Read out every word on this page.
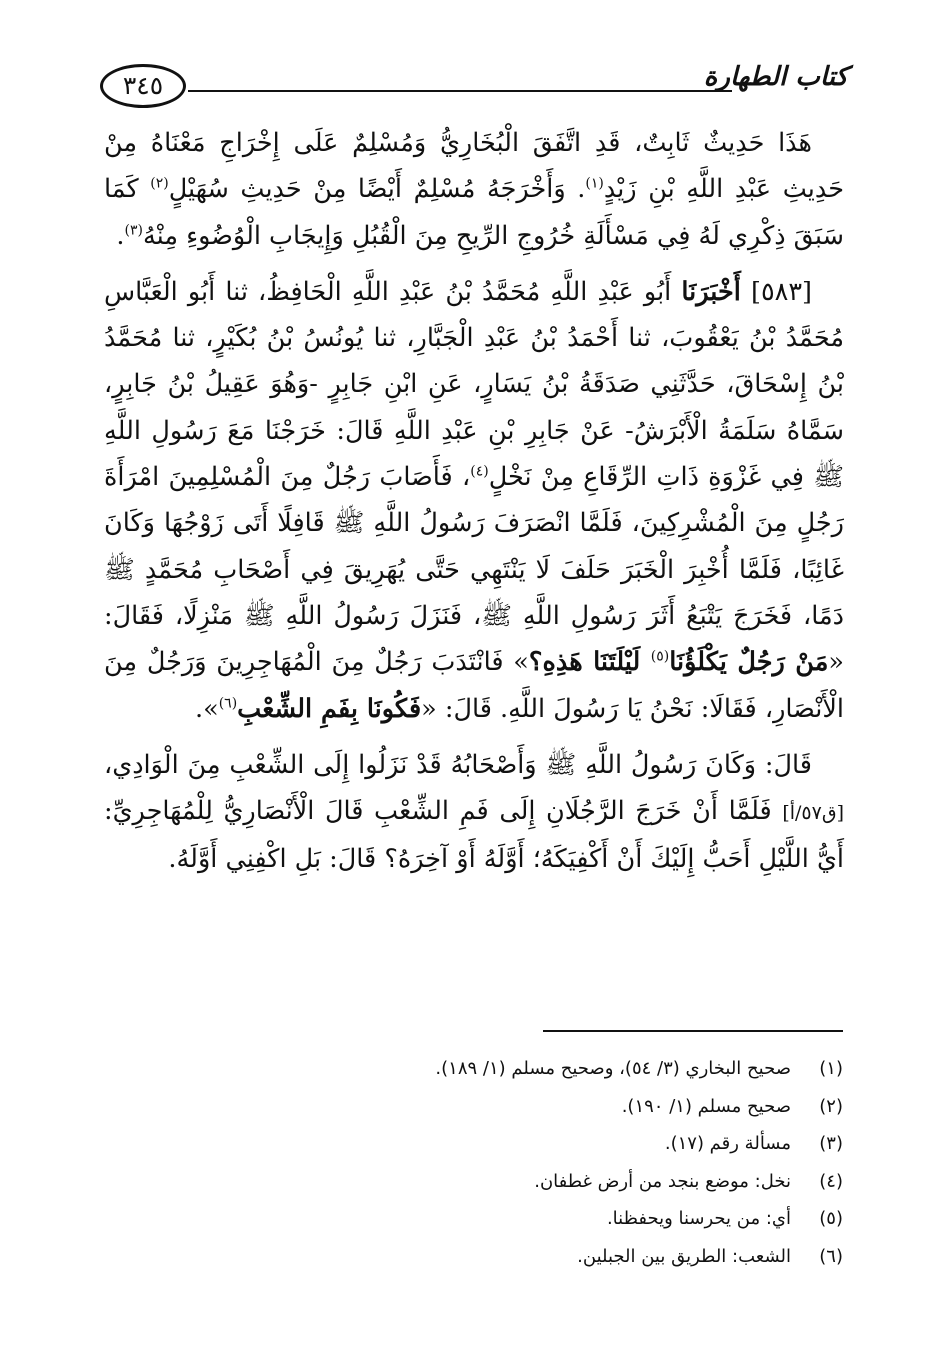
٣٤٥	كتاب الطهارة

هَذَا حَدِيثٌ ثَابِتٌ، قَدِ اتَّفَقَ الْبُخَارِيُّ وَمُسْلِمٌ عَلَى إِخْرَاجِ مَعْنَاهُ مِنْ حَدِيثِ عَبْدِ اللَّهِ بْنِ زَيْدٍ$^{(١)}$. وَأَخْرَجَهُ مُسْلِمٌ أَيْضًا مِنْ حَدِيثِ سُهَيْلٍ$^{(٢)}$ كَمَا سَبَقَ ذِكْرِي لَهُ فِي مَسْأَلَةِ خُرُوجِ الرِّيحِ مِنَ الْقُبُلِ وَإِيجَابِ الْوُضُوءِ مِنْهُ$^{(٣)}$.

[٥٨٣] أَخْبَرَنَا أَبُو عَبْدِ اللَّهِ مُحَمَّدُ بْنُ عَبْدِ اللَّهِ الْحَافِظُ، ثنا أَبُو الْعَبَّاسِ مُحَمَّدُ بْنُ يَعْقُوبَ، ثنا أَحْمَدُ بْنُ عَبْدِ الْجَبَّارِ، ثنا يُونُسُ بْنُ بُكَيْرٍ، ثنا مُحَمَّدُ بْنُ إِسْحَاقَ، حَدَّثَنِي صَدَقَةُ بْنُ يَسَارٍ، عَنِ ابْنِ جَابِرٍ -وَهُوَ عَقِيلُ بْنُ جَابِرٍ، سَمَّاهُ سَلَمَةُ الْأَبْرَشُ- عَنْ جَابِرِ بْنِ عَبْدِ اللَّهِ قَالَ: خَرَجْنَا مَعَ رَسُولِ اللَّهِ ﷺ فِي غَزْوَةِ ذَاتِ الرِّقَاعِ مِنْ نَخْلٍ$^{(٤)}$، فَأَصَابَ رَجُلٌ مِنَ الْمُسْلِمِينَ امْرَأَةَ رَجُلٍ مِنَ الْمُشْرِكِينَ، فَلَمَّا انْصَرَفَ رَسُولُ اللَّهِ ﷺ قَافِلًا أَتَى زَوْجُهَا وَكَانَ غَائِبًا، فَلَمَّا أُخْبِرَ الْخَبَرَ حَلَفَ لَا يَنْتَهِي حَتَّى يُهَرِيقَ فِي أَصْحَابِ مُحَمَّدٍ ﷺ دَمًا، فَخَرَجَ يَتْبَعُ أَثَرَ رَسُولِ اللَّهِ ﷺ، فَنَزَلَ رَسُولُ اللَّهِ ﷺ مَنْزِلًا، فَقَالَ: «مَنْ رَجُلٌ يَكْلَؤُنَا$^{(٥)}$ لَيْلَتَنَا هَذِهِ؟» فَانْتَدَبَ رَجُلٌ مِنَ الْمُهَاجِرِينَ وَرَجُلٌ مِنَ الْأَنْصَارِ، فَقَالَا: نَحْنُ يَا رَسُولَ اللَّهِ. قَالَ: «فَكُونَا بِفَمِ الشِّعْبِ$^{(٦)}$».

قَالَ: وَكَانَ رَسُولُ اللَّهِ ﷺ وَأَصْحَابُهُ قَدْ نَزَلُوا إِلَى الشِّعْبِ مِنَ الْوَادِي، [ق٥٧/أ] فَلَمَّا أَنْ خَرَجَ الرَّجُلَانِ إِلَى فَمِ الشِّعْبِ قَالَ الْأَنْصَارِيُّ لِلْمُهَاجِرِيِّ: أَيُّ اللَّيْلِ أَحَبُّ إِلَيْكَ أَنْ أَكْفِيَكَهُ؛ أَوَّلَهُ أَوْ آخِرَهُ؟ قَالَ: بَلِ اكْفِنِي أَوَّلَهُ.

(١)صحيح البخاري (٣/ ٥٤)، وصحيح مسلم (١/ ١٨٩).
(٢)صحيح مسلم (١/ ١٩٠).
(٣)مسألة رقم (١٧).
(٤)نخل: موضع بنجد من أرض غطفان.
(٥)أي: من يحرسنا ويحفظنا.
(٦)الشعب: الطريق بين الجبلين.
